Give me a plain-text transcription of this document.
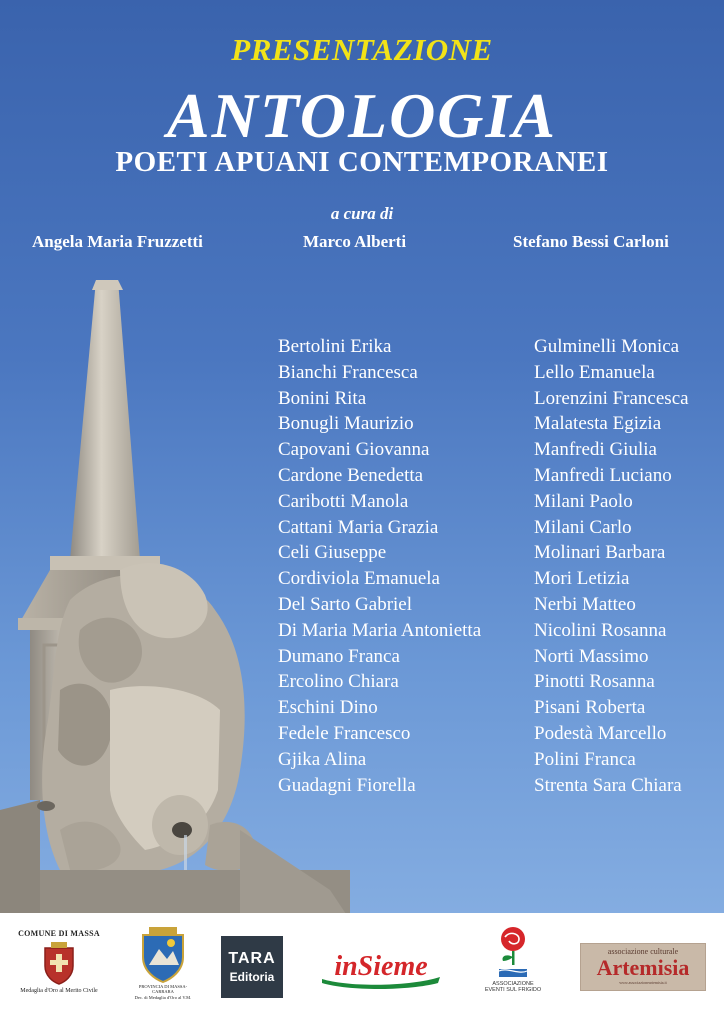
PRESENTAZIONE
ANTOLOGIA
POETI APUANI CONTEMPORANEI
a cura di
Angela Maria Fruzzetti	Marco Alberti	Stefano Bessi Carloni
Bertolini Erika
Bianchi Francesca
Bonini Rita
Bonugli Maurizio
Capovani Giovanna
Cardone Benedetta
Caribotti Manola
Cattani Maria Grazia
Celi Giuseppe
Cordiviola Emanuela
Del Sarto Gabriel
Di Maria Maria Antonietta
Dumano Franca
Ercolino Chiara
Eschini Dino
Fedele Francesco
Gjika Alina
Guadagni Fiorella
Gulminelli Monica
Lello Emanuela
Lorenzini Francesca
Malatesta Egizia
Manfredi Giulia
Manfredi Luciano
Milani Paolo
Milani Carlo
Molinari Barbara
Mori Letizia
Nerbi Matteo
Nicolini Rosanna
Norti Massimo
Pinotti Rosanna
Pisani Roberta
Podestà Marcello
Polini Franca
Strenta Sara Chiara
COMUNE DI MASSA
Medaglia d'Oro al Merito Civile
PROVINCIA DI MASSA-CARRARA
Dec. di Medaglia d'Oro al V.M.
TARA
Editoria	inSieme
ASSOCIAZIONE
EVENTI SUL FRIGIDO
associazione culturale
Artemisia
www.associazioneartemisia.it
